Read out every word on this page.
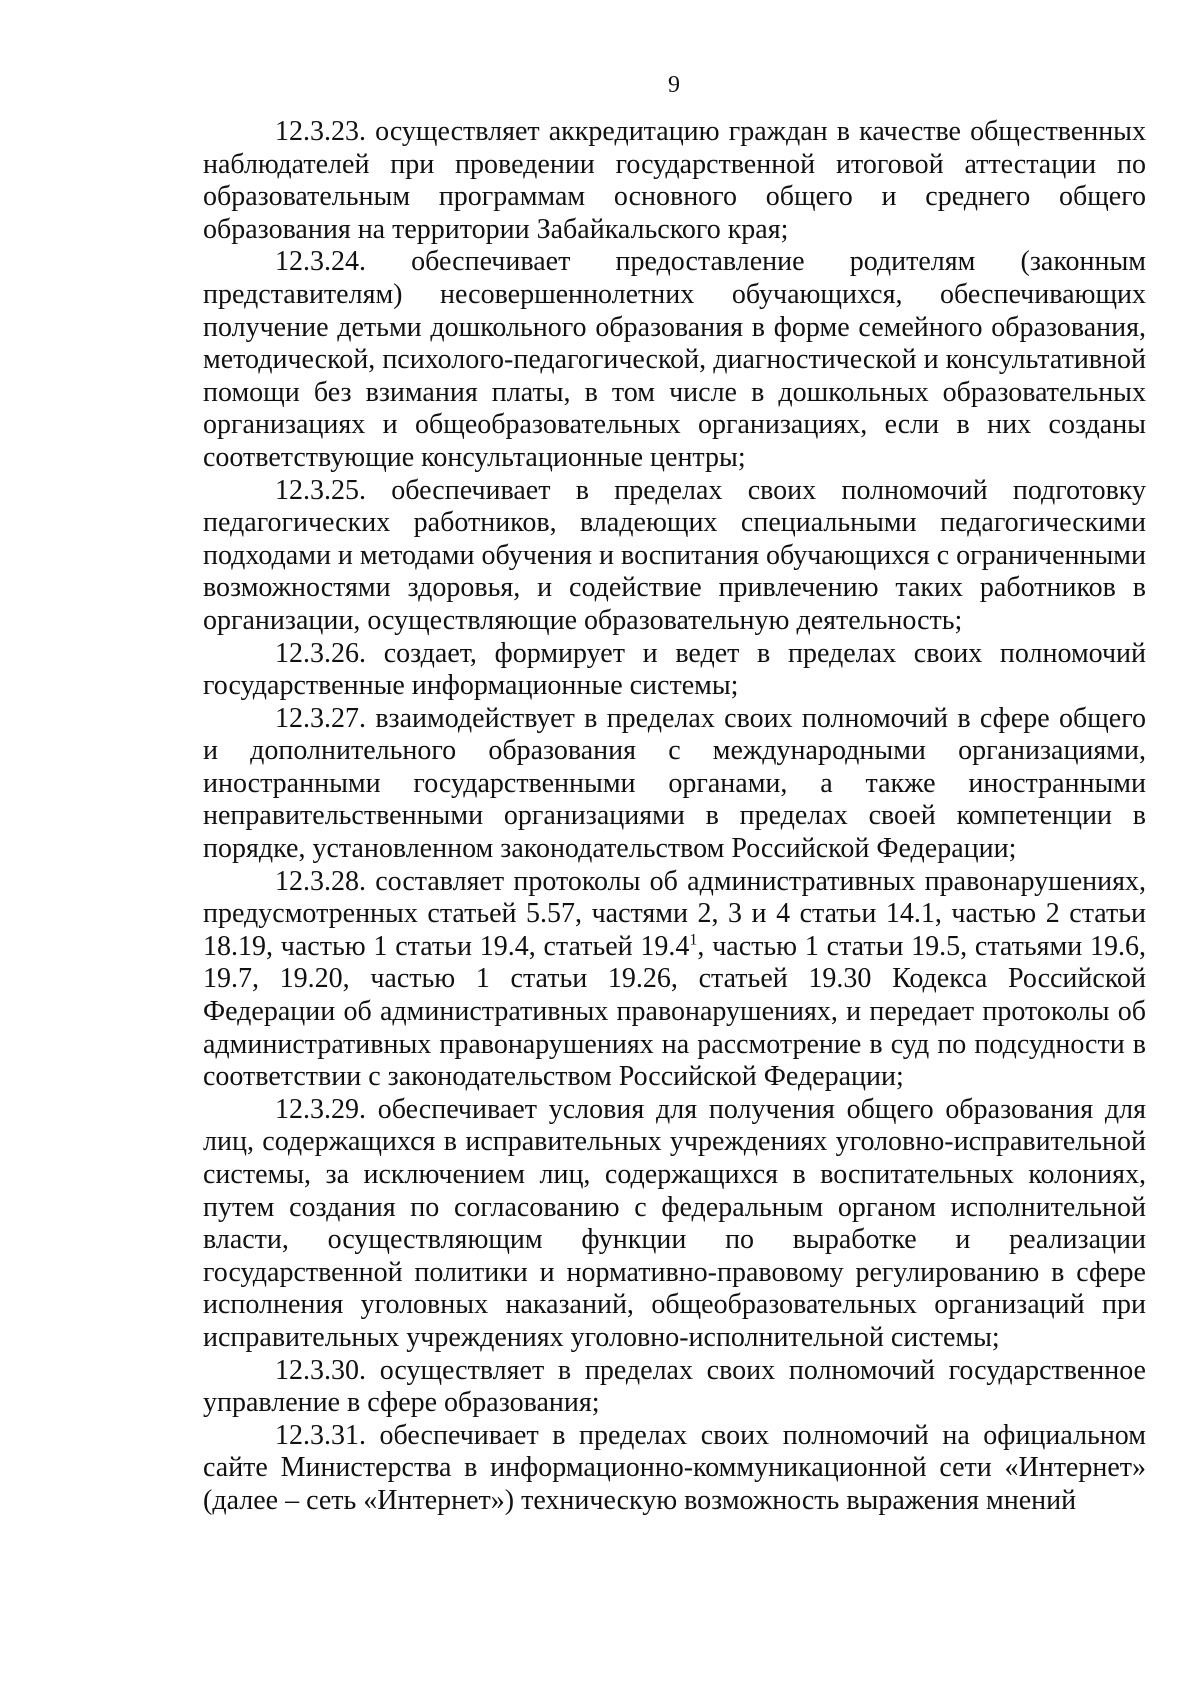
9

12.3.23. осуществляет аккредитацию граждан в качестве общественных наблюдателей при проведении государственной итоговой аттестации по образовательным программам основного общего и среднего общего образования на территории Забайкальского края;

12.3.24. обеспечивает предоставление родителям (законным представителям) несовершеннолетних обучающихся, обеспечивающих получение детьми дошкольного образования в форме семейного образования, методической, психолого-педагогической, диагностической и консультативной помощи без взимания платы, в том числе в дошкольных образовательных организациях и общеобразовательных организациях, если в них созданы соответствующие консультационные центры;

12.3.25. обеспечивает в пределах своих полномочий подготовку педагогических работников, владеющих специальными педагогическими подходами и методами обучения и воспитания обучающихся с ограниченными возможностями здоровья, и содействие привлечению таких работников в организации, осуществляющие образовательную деятельность;

12.3.26. создает, формирует и ведет в пределах своих полномочий государственные информационные системы;

12.3.27. взаимодействует в пределах своих полномочий в сфере общего и дополнительного образования с международными организациями, иностранными государственными органами, а также иностранными неправительственными организациями в пределах своей компетенции в порядке, установленном законодательством Российской Федерации;

12.3.28. составляет протоколы об административных правонарушениях, предусмотренных статьей 5.57, частями 2, 3 и 4 статьи 14.1, частью 2 статьи 18.19, частью 1 статьи 19.4, статьей 19.4$^1$, частью 1 статьи 19.5, статьями 19.6, 19.7, 19.20, частью 1 статьи 19.26, статьей 19.30 Кодекса Российской Федерации об административных правонарушениях, и передает протоколы об административных правонарушениях на рассмотрение в суд по подсудности в соответствии с законодательством Российской Федерации;

12.3.29. обеспечивает условия для получения общего образования для лиц, содержащихся в исправительных учреждениях уголовно-исправительной системы, за исключением лиц, содержащихся в воспитательных колониях, путем создания по согласованию с федеральным органом исполнительной власти, осуществляющим функции по выработке и реализации государственной политики и нормативно-правовому регулированию в сфере исполнения уголовных наказаний, общеобразовательных организаций при исправительных учреждениях уголовно-исполнительной системы;

12.3.30. осуществляет в пределах своих полномочий государственное управление в сфере образования;

12.3.31. обеспечивает в пределах своих полномочий на официальном сайте Министерства в информационно-коммуникационной сети «Интернет» (далее – сеть «Интернет») техническую возможность выражения мнений
